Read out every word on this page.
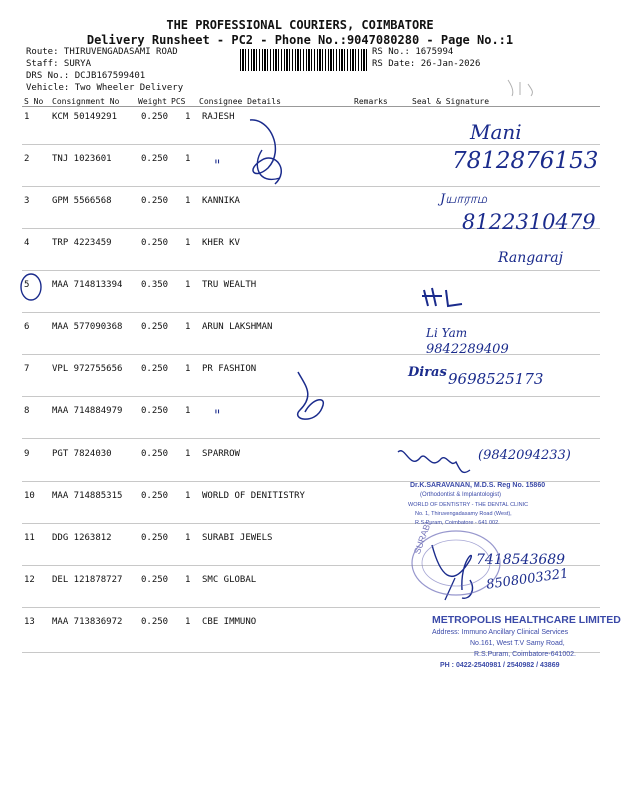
THE PROFESSIONAL COURIERS, COIMBATORE
Delivery Runsheet - PC2 - Phone No.:9047080280 - Page No.:1
Route: THIRUVENGADASAMI ROAD
Staff: SURYA
DRS No.: DCJB167599401
Vehicle: Two Wheeler Delivery
RS No.: 1675994
RS Date: 26-Jan-2026
S No Consignment No Weight PCS Consignee Details	Remarks	Seal & Signature
1	KCM 50149291	0.250 1 RAJESH
2	TNJ 1023601	0.250 1
3	GPM 5566568	0.250 1 KANNIKA
4	TRP 4223459	0.250 1 KHER KV
5	MAA 714813394 0.350 1 TRU WEALTH
6	MAA 577090368 0.250 1 ARUN LAKSHMAN
7	VPL 972755656 0.250 1 PR FASHION
8	MAA 714884979 0.250 1
9	PGT 7824030	0.250 1 SPARROW
10 MAA 714885315 0.250 1 WORLD OF DENITISTRY
11 DDG 1263812	0.250 1 SURABI JEWELS
12 DEL 121878727 0.250 1 SMC GLOBAL
13 MAA 713836972 0.250 1 CBE IMMUNO
"
"
Mani
7812876153
Jயாராம
8122310479
Rangaraj
Li Yam
9842289409
Diras 9698525173
(9842094233)
7418543689
8508003321
Dr.K.SARAVANAN, M.D.S. Reg No. 15860
(Orthodontist & Implantologist)
WORLD OF DENTISTRY - THE DENTAL CLINIC
No. 1, Thiruvengadasamy Road (West),
R.S.Puram, Coimbatore - 641 002.
SURABI
METROPOLIS HEALTHCARE LIMITED
Address: Immuno Ancillary Clinical Services
No.161, West T.V Samy Road,
R.S.Puram, Coimbatore-641002.
PH : 0422-2540981 / 2540982 / 43869
